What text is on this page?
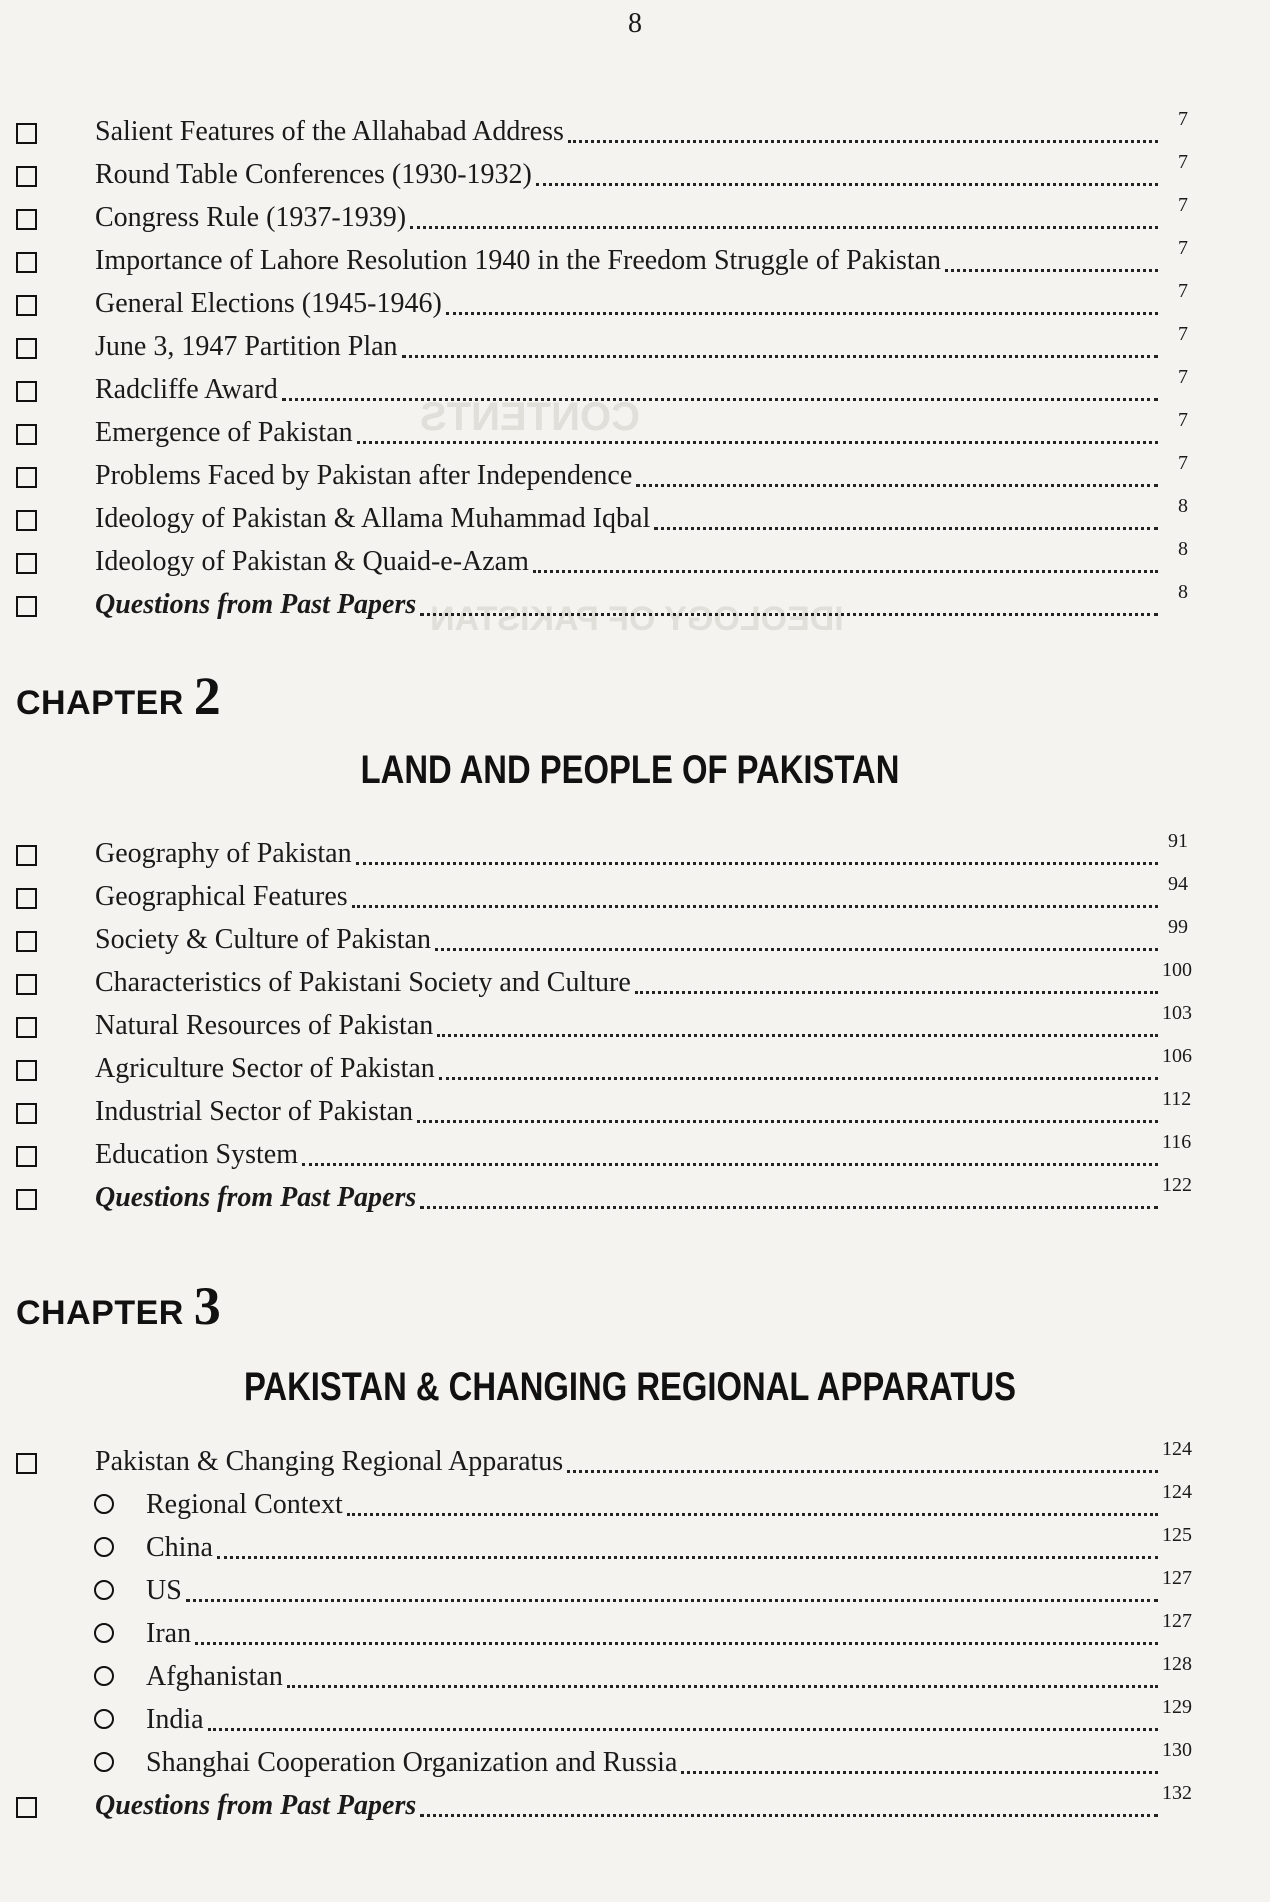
CONTENTS
IDEOLOGY OF PAKISTAN
8
Salient Features of the Allahabad Address	7
Round Table Conferences (1930-1932)	7
Congress Rule (1937-1939)	7
Importance of Lahore Resolution 1940 in the Freedom Struggle of Pakistan	7
General Elections (1945-1946)	7
June 3, 1947 Partition Plan	7
Radcliffe Award	7
Emergence of Pakistan	7
Problems Faced by Pakistan after Independence	7
Ideology of Pakistan & Allama Muhammad Iqbal	8
Ideology of Pakistan & Quaid-e-Azam	8
Questions from Past Papers	8
CHAPTER 2
LAND AND PEOPLE OF PAKISTAN
Geography of Pakistan	91
Geographical Features	94
Society & Culture of Pakistan	99
Characteristics of Pakistani Society and Culture	100
Natural Resources of Pakistan	103
Agriculture Sector of Pakistan	106
Industrial Sector of Pakistan	112
Education System	116
Questions from Past Papers	122
CHAPTER 3
PAKISTAN & CHANGING REGIONAL APPARATUS
Pakistan & Changing Regional Apparatus	124
Regional Context	124
China	125
US	127
Iran	127
Afghanistan	128
India	129
Shanghai Cooperation Organization and Russia	130
Questions from Past Papers	132
